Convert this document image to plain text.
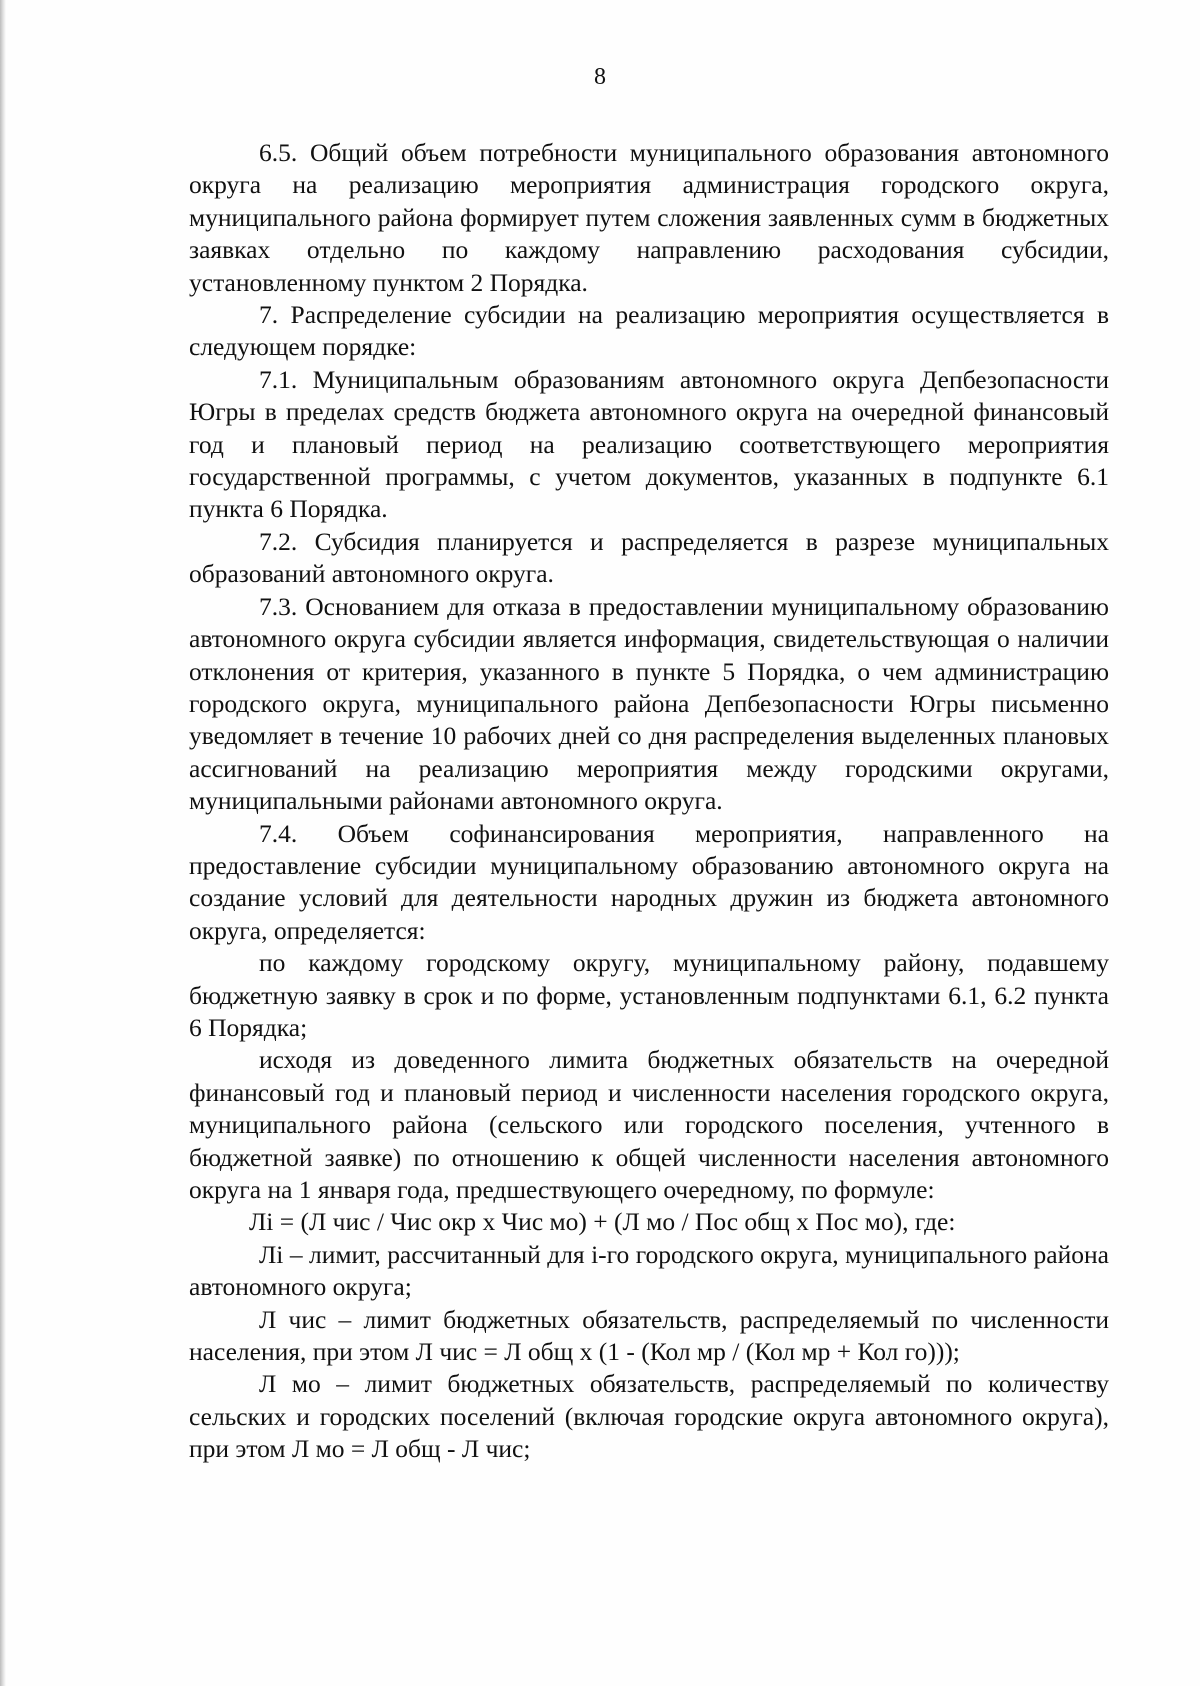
8

6.5. Общий объем потребности муниципального образования автономного округа на реализацию мероприятия администрация городского округа, муниципального района формирует путем сложения заявленных сумм в бюджетных заявках отдельно по каждому направлению расходования субсидии, установленному пунктом 2 Порядка.

7. Распределение субсидии на реализацию мероприятия осуществляется в следующем порядке:

7.1. Муниципальным образованиям автономного округа Депбезопасности Югры в пределах средств бюджета автономного округа на очередной финансовый год и плановый период на реализацию соответствующего мероприятия государственной программы, с учетом документов, указанных в подпункте 6.1 пункта 6 Порядка.

7.2. Субсидия планируется и распределяется в разрезе муниципальных образований автономного округа.

7.3. Основанием для отказа в предоставлении муниципальному образованию автономного округа субсидии является информация, свидетельствующая о наличии отклонения от критерия, указанного в пункте 5 Порядка, о чем администрацию городского округа, муниципального района Депбезопасности Югры письменно уведомляет в течение 10 рабочих дней со дня распределения выделенных плановых ассигнований на реализацию мероприятия между городскими округами, муниципальными районами автономного округа.

7.4. Объем софинансирования мероприятия, направленного на предоставление субсидии муниципальному образованию автономного округа на создание условий для деятельности народных дружин из бюджета автономного округа, определяется:

по каждому городскому округу, муниципальному району, подавшему бюджетную заявку в срок и по форме, установленным подпунктами 6.1, 6.2 пункта 6 Порядка;

исходя из доведенного лимита бюджетных обязательств на очередной финансовый год и плановый период и численности населения городского округа, муниципального района (сельского или городского поселения, учтенного в бюджетной заявке) по отношению к общей численности населения автономного округа на 1 января года, предшествующего очередному, по формуле:

Лi = (Л чис / Чис окр х Чис мо) + (Л мо / Пос общ х Пос мо), где:

Лi – лимит, рассчитанный для i-го городского округа, муниципального района автономного округа;

Л чис – лимит бюджетных обязательств, распределяемый по численности населения, при этом Л чис = Л общ х (1 - (Кол мр / (Кол мр + Кол го)));

Л мо – лимит бюджетных обязательств, распределяемый по количеству сельских и городских поселений (включая городские округа автономного округа), при этом Л мо = Л общ - Л чис;
